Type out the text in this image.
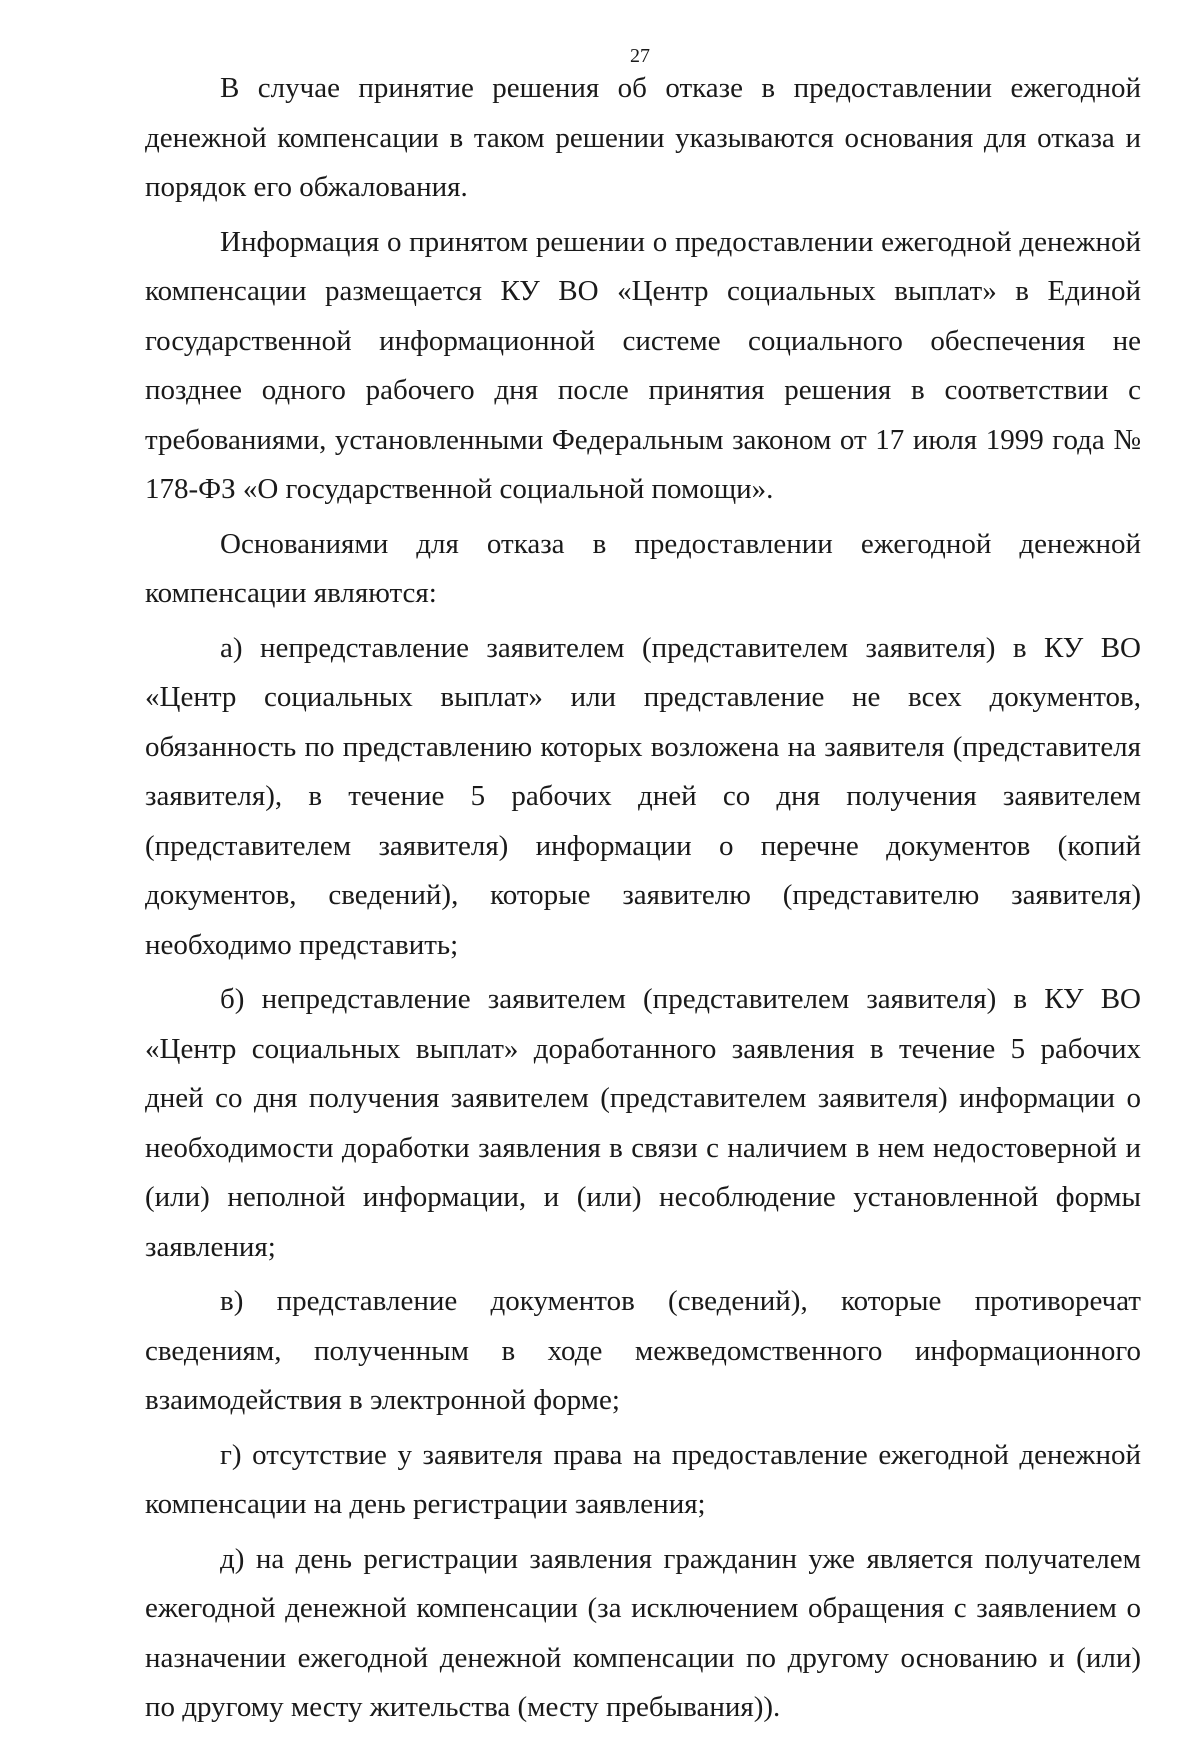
27

В случае принятие решения об отказе в предоставлении ежегодной денежной компенсации в таком решении указываются основания для отказа и порядок его обжалования.

Информация о принятом решении о предоставлении ежегодной денежной компенсации размещается КУ ВО «Центр социальных выплат» в Единой государственной информационной системе социального обеспечения не позднее одного рабочего дня после принятия решения в соответствии с требованиями, установленными Федеральным законом от 17 июля 1999 года № 178-ФЗ «О государственной социальной помощи».

Основаниями для отказа в предоставлении ежегодной денежной компенсации являются:

а) непредставление заявителем (представителем заявителя) в КУ ВО «Центр социальных выплат» или представление не всех документов, обязанность по представлению которых возложена на заявителя (представителя заявителя), в течение 5 рабочих дней со дня получения заявителем (представителем заявителя) информации о перечне документов (копий документов, сведений), которые заявителю (представителю заявителя) необходимо представить;

б) непредставление заявителем (представителем заявителя) в КУ ВО «Центр социальных выплат» доработанного заявления в течение 5 рабочих дней со дня получения заявителем (представителем заявителя) информации о необходимости доработки заявления в связи с наличием в нем недостоверной и (или) неполной информации, и (или) несоблюдение установленной формы заявления;

в) представление документов (сведений), которые противоречат сведениям, полученным в ходе межведомственного информационного взаимодействия в электронной форме;

г) отсутствие у заявителя права на предоставление ежегодной денежной компенсации на день регистрации заявления;

д) на день регистрации заявления гражданин уже является получателем ежегодной денежной компенсации (за исключением обращения с заявлением о назначении ежегодной денежной компенсации по другому основанию и (или) по другому месту жительства (месту пребывания)).
